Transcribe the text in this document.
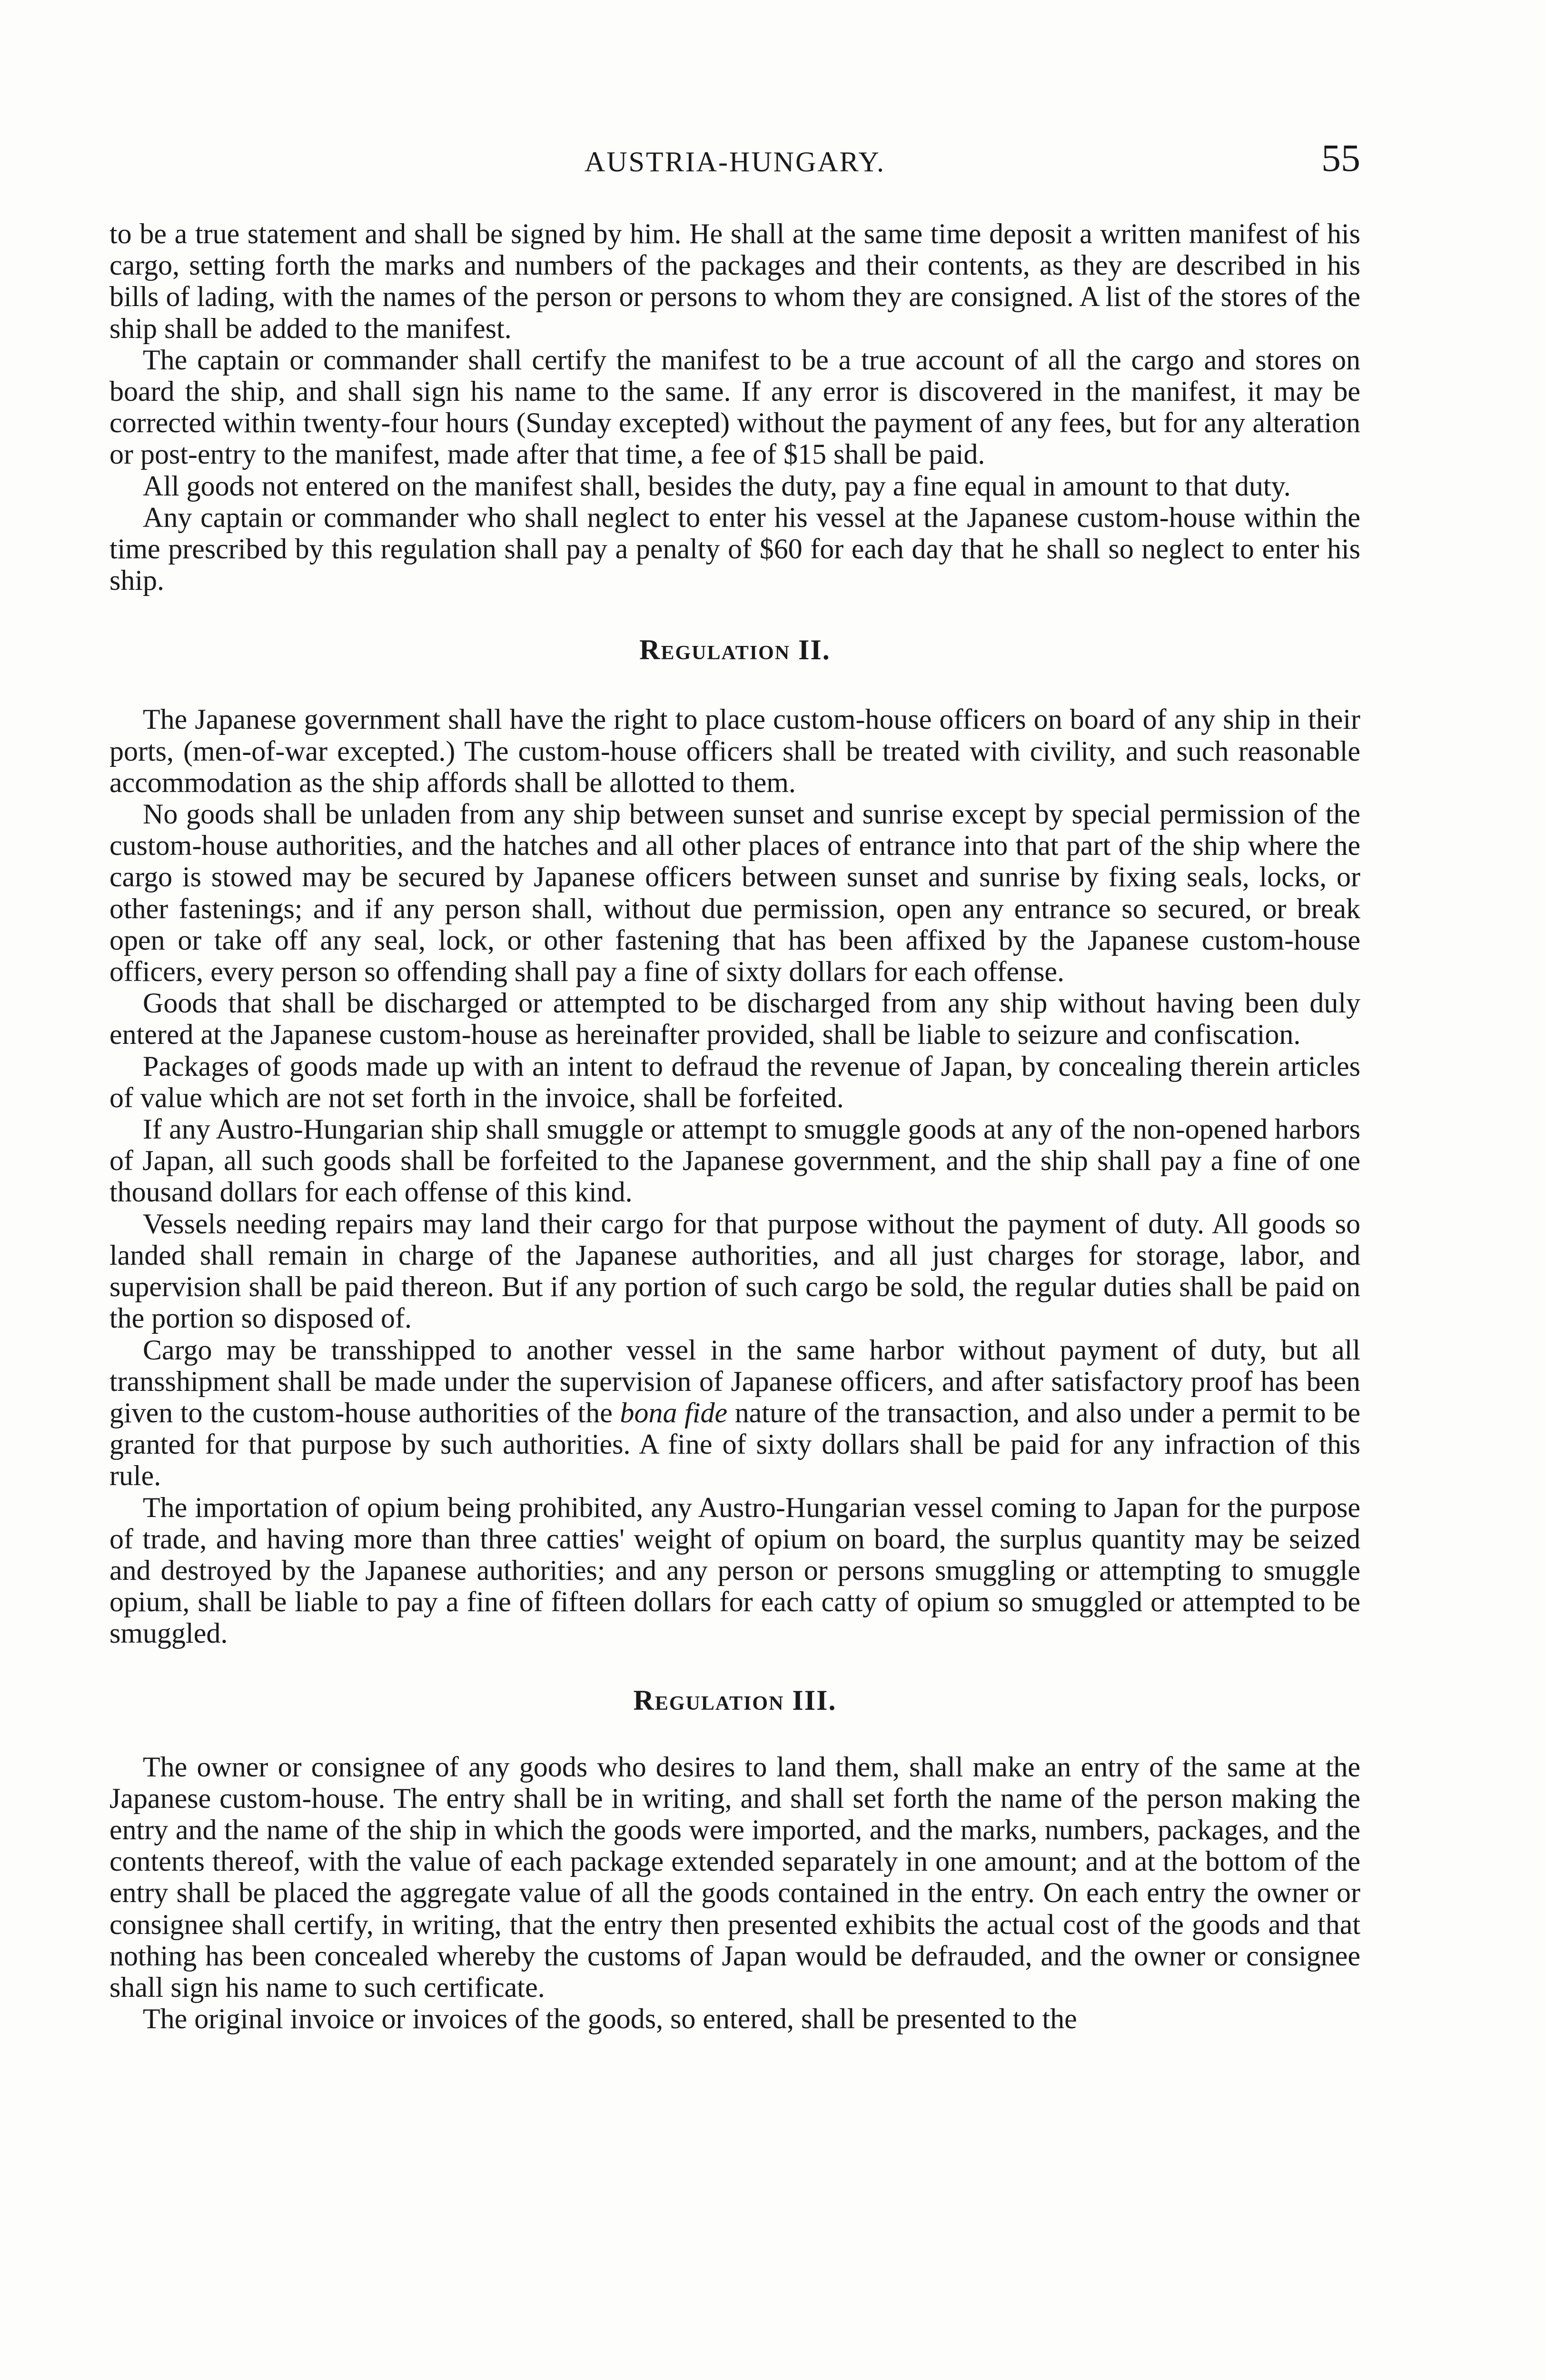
AUSTRIA-HUNGARY.	55

to be a true statement and shall be signed by him. He shall at the same time deposit a written manifest of his cargo, setting forth the marks and numbers of the packages and their contents, as they are described in his bills of lading, with the names of the person or persons to whom they are consigned. A list of the stores of the ship shall be added to the manifest.

The captain or commander shall certify the manifest to be a true account of all the cargo and stores on board the ship, and shall sign his name to the same. If any error is discovered in the manifest, it may be corrected within twenty-four hours (Sunday excepted) without the payment of any fees, but for any alteration or post-entry to the manifest, made after that time, a fee of $15 shall be paid.

All goods not entered on the manifest shall, besides the duty, pay a fine equal in amount to that duty.

Any captain or commander who shall neglect to enter his vessel at the Japanese custom-house within the time prescribed by this regulation shall pay a penalty of $60 for each day that he shall so neglect to enter his ship.

Regulation II.

The Japanese government shall have the right to place custom-house officers on board of any ship in their ports, (men-of-war excepted.) The custom-house officers shall be treated with civility, and such reasonable accommodation as the ship affords shall be allotted to them.

No goods shall be unladen from any ship between sunset and sunrise except by special permission of the custom-house authorities, and the hatches and all other places of entrance into that part of the ship where the cargo is stowed may be secured by Japanese officers between sunset and sunrise by fixing seals, locks, or other fastenings; and if any person shall, without due permission, open any entrance so secured, or break open or take off any seal, lock, or other fastening that has been affixed by the Japanese custom-house officers, every person so offending shall pay a fine of sixty dollars for each offense.

Goods that shall be discharged or attempted to be discharged from any ship without having been duly entered at the Japanese custom-house as hereinafter provided, shall be liable to seizure and confiscation.

Packages of goods made up with an intent to defraud the revenue of Japan, by concealing therein articles of value which are not set forth in the invoice, shall be forfeited.

If any Austro-Hungarian ship shall smuggle or attempt to smuggle goods at any of the non-opened harbors of Japan, all such goods shall be forfeited to the Japanese government, and the ship shall pay a fine of one thousand dollars for each offense of this kind.

Vessels needing repairs may land their cargo for that purpose without the payment of duty. All goods so landed shall remain in charge of the Japanese authorities, and all just charges for storage, labor, and supervision shall be paid thereon. But if any portion of such cargo be sold, the regular duties shall be paid on the portion so disposed of.

Cargo may be transshipped to another vessel in the same harbor without payment of duty, but all transshipment shall be made under the supervision of Japanese officers, and after satisfactory proof has been given to the custom-house authorities of the bona fide nature of the transaction, and also under a permit to be granted for that purpose by such authorities. A fine of sixty dollars shall be paid for any infraction of this rule.

The importation of opium being prohibited, any Austro-Hungarian vessel coming to Japan for the purpose of trade, and having more than three catties' weight of opium on board, the surplus quantity may be seized and destroyed by the Japanese authorities; and any person or persons smuggling or attempting to smuggle opium, shall be liable to pay a fine of fifteen dollars for each catty of opium so smuggled or attempted to be smuggled.

Regulation III.

The owner or consignee of any goods who desires to land them, shall make an entry of the same at the Japanese custom-house. The entry shall be in writing, and shall set forth the name of the person making the entry and the name of the ship in which the goods were imported, and the marks, numbers, packages, and the contents thereof, with the value of each package extended separately in one amount; and at the bottom of the entry shall be placed the aggregate value of all the goods contained in the entry. On each entry the owner or consignee shall certify, in writing, that the entry then presented exhibits the actual cost of the goods and that nothing has been concealed whereby the customs of Japan would be defrauded, and the owner or consignee shall sign his name to such certificate.

The original invoice or invoices of the goods, so entered, shall be presented to the
